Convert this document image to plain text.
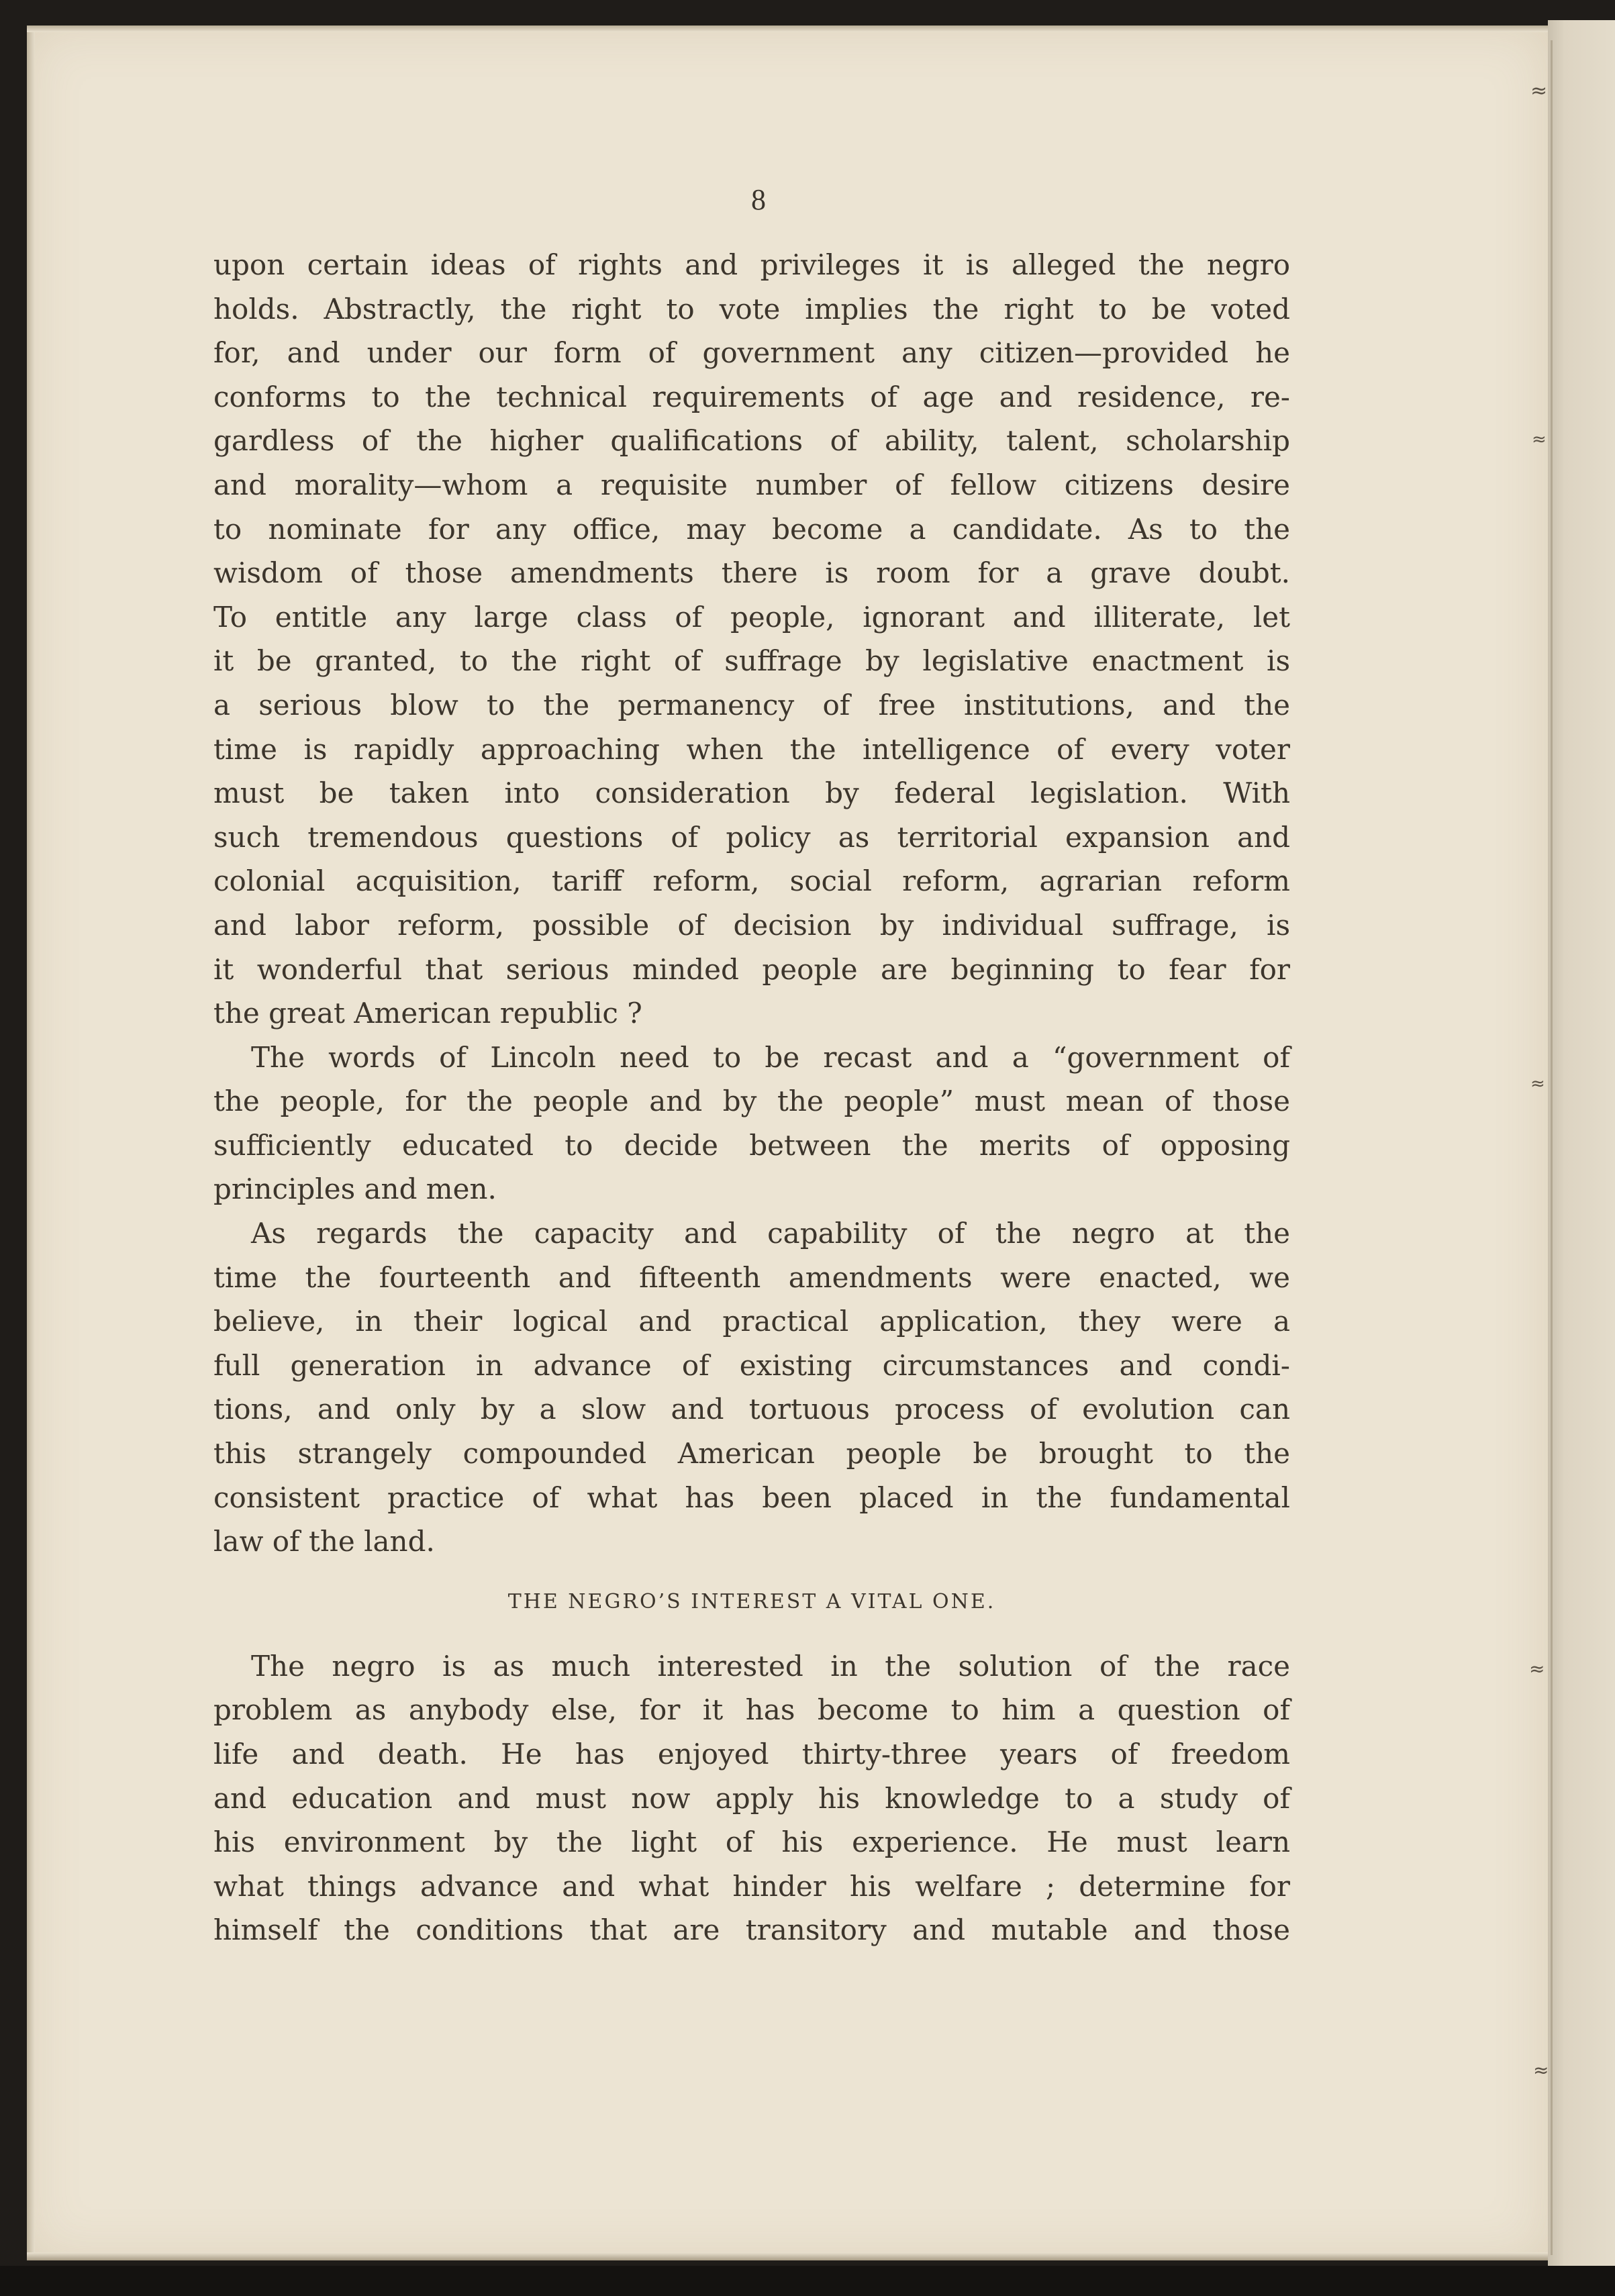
≈
≈
≈
≈
≈
8
upon certain ideas of rights and privileges it is alleged the negro
holds. Abstractly, the right to vote implies the right to be voted
for, and under our form of government any citizen—provided he
conforms to the technical requirements of age and residence, re-
gardless of the higher qualifications of ability, talent, scholarship
and morality—whom a requisite number of fellow citizens desire
to nominate for any office, may become a candidate. As to the
wisdom of those amendments there is room for a grave doubt.
To entitle any large class of people, ignorant and illiterate, let
it be granted, to the right of suffrage by legislative enactment is
a serious blow to the permanency of free institutions, and the
time is rapidly approaching when the intelligence of every voter
must be taken into consideration by federal legislation. With
such tremendous questions of policy as territorial expansion and
colonial acquisition, tariff reform, social reform, agrarian reform
and labor reform, possible of decision by individual suffrage, is
it wonderful that serious minded people are beginning to fear for
the great American republic ?
The words of Lincoln need to be recast and a “government of
the people, for the people and by the people” must mean of those
sufficiently educated to decide between the merits of opposing
principles and men.
As regards the capacity and capability of the negro at the
time the fourteenth and fifteenth amendments were enacted, we
believe, in their logical and practical application, they were a
full generation in advance of existing circumstances and condi-
tions, and only by a slow and tortuous process of evolution can
this strangely compounded American people be brought to the
consistent practice of what has been placed in the fundamental
law of the land.
THE NEGRO’S INTEREST A VITAL ONE.
The negro is as much interested in the solution of the race
problem as anybody else, for it has become to him a question of
life and death. He has enjoyed thirty-three years of freedom
and education and must now apply his knowledge to a study of
his environment by the light of his experience. He must learn
what things advance and what hinder his welfare ; determine for
himself the conditions that are transitory and mutable and those
